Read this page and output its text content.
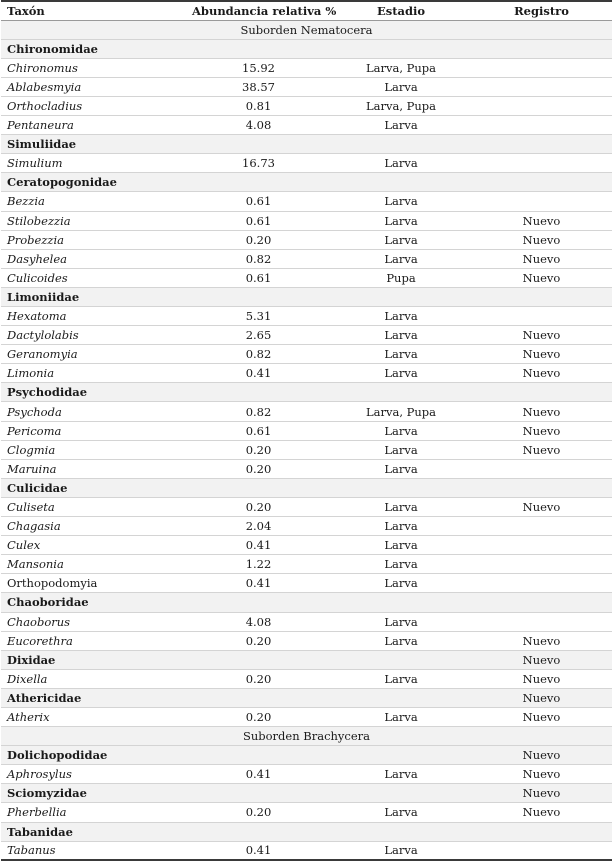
Taxón	Abundancia relativa %	Estadio	Registro
Suborden Nematocera			
Chironomidae			
Chironomus	15.92	Larva, Pupa	
Ablabesmyia	38.57	Larva	
Orthocladius	0.81	Larva, Pupa	
Pentaneura	4.08	Larva	
Simuliidae			
Simulium	16.73	Larva	
Ceratopogonidae			
Bezzia	0.61	Larva	
Stilobezzia	0.61	Larva	Nuevo
Probezzia	0.20	Larva	Nuevo
Dasyhelea	0.82	Larva	Nuevo
Culicoides	0.61	Pupa	Nuevo
Limoniidae			
Hexatoma	5.31	Larva	
Dactylolabis	2.65	Larva	Nuevo
Geranomyia	0.82	Larva	Nuevo
Limonia	0.41	Larva	Nuevo
Psychodidae			
Psychoda	0.82	Larva, Pupa	Nuevo
Pericoma	0.61	Larva	Nuevo
Clogmia	0.20	Larva	Nuevo
Maruina	0.20	Larva	
Culicidae			
Culiseta	0.20	Larva	Nuevo
Chagasia	2.04	Larva	
Culex	0.41	Larva	
Mansonia	1.22	Larva	
Orthopodomyia	0.41	Larva	
Chaoboridae			
Chaoborus	4.08	Larva	
Eucorethra	0.20	Larva	Nuevo
Dixidae			Nuevo
Dixella	0.20	Larva	Nuevo
Athericidae			Nuevo
Atherix	0.20	Larva	Nuevo
Suborden Brachycera			
Dolichopodidae			Nuevo
Aphrosylus	0.41	Larva	Nuevo
Sciomyzidae			Nuevo
Pherbellia	0.20	Larva	Nuevo
Tabanidae			
Tabanus	0.41	Larva	
